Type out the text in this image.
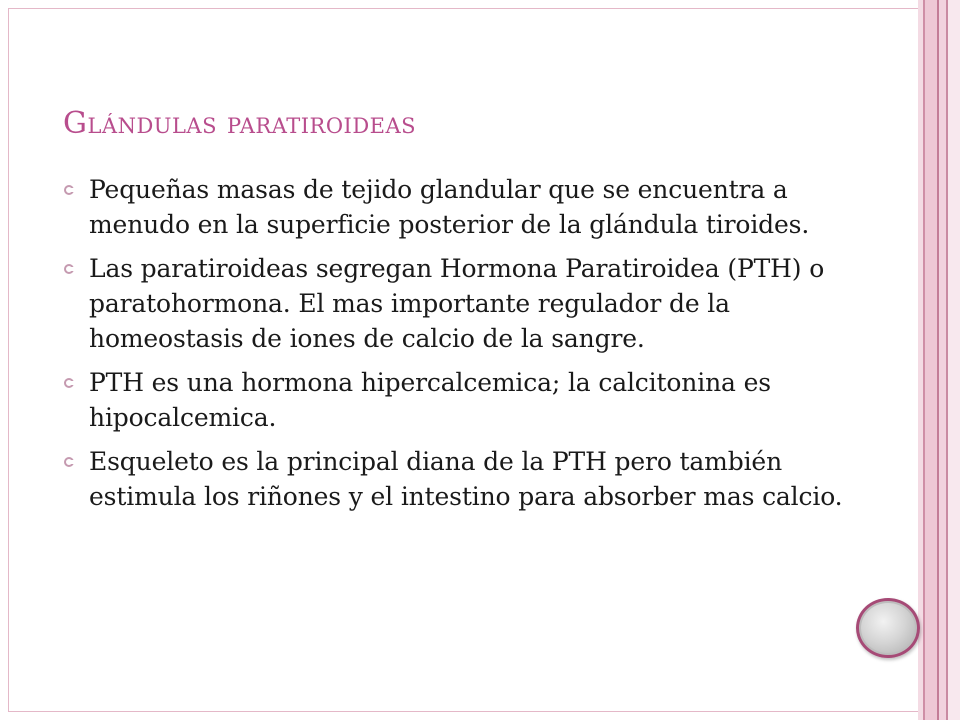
Glándulas paratiroideas
Pequeñas masas de tejido glandular que se encuentra a menudo en la superficie posterior de la glándula tiroides.
Las paratiroideas segregan Hormona Paratiroidea (PTH) o paratohormona. El mas importante regulador de la homeostasis de iones de calcio de la sangre.
PTH es una hormona hipercalcemica; la calcitonina es hipocalcemica.
Esqueleto es la principal diana de la PTH pero también estimula los riñones y el intestino para absorber mas calcio.
